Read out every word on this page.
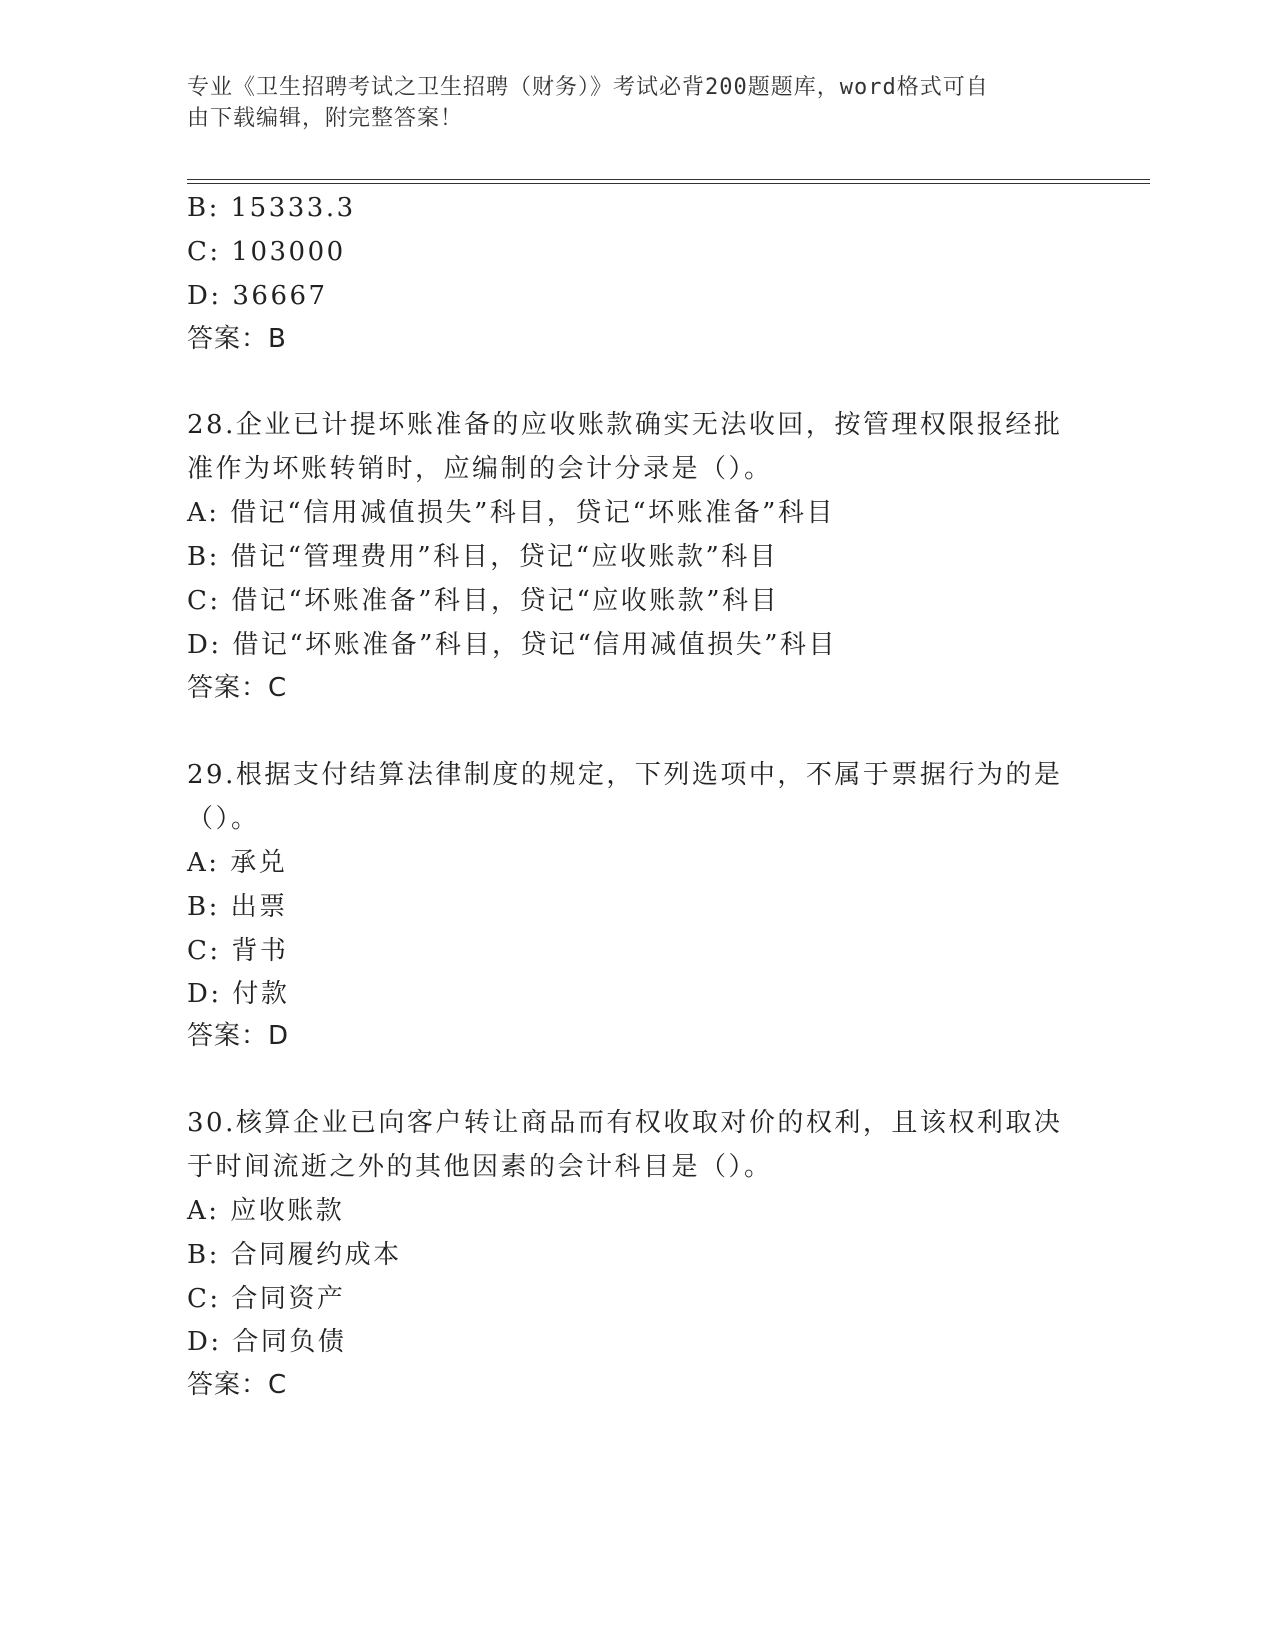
专业《卫生招聘考试之卫生招聘（财务）》考试必背200题题库，word格式可自
由下载编辑，附完整答案！
B: 15333.3
C: 103000
D: 36667
答案：B
28.企业已计提坏账准备的应收账款确实无法收回，按管理权限报经批
准作为坏账转销时，应编制的会计分录是（）。
A: 借记“信用减值损失”科目，贷记“坏账准备”科目
B: 借记“管理费用”科目，贷记“应收账款”科目
C: 借记“坏账准备”科目，贷记“应收账款”科目
D: 借记“坏账准备”科目，贷记“信用减值损失”科目
答案：C
29.根据支付结算法律制度的规定，下列选项中，不属于票据行为的是
（）。
A: 承兑
B: 出票
C: 背书
D: 付款
答案：D
30.核算企业已向客户转让商品而有权收取对价的权利，且该权利取决
于时间流逝之外的其他因素的会计科目是（）。
A: 应收账款
B: 合同履约成本
C: 合同资产
D: 合同负债
答案：C
